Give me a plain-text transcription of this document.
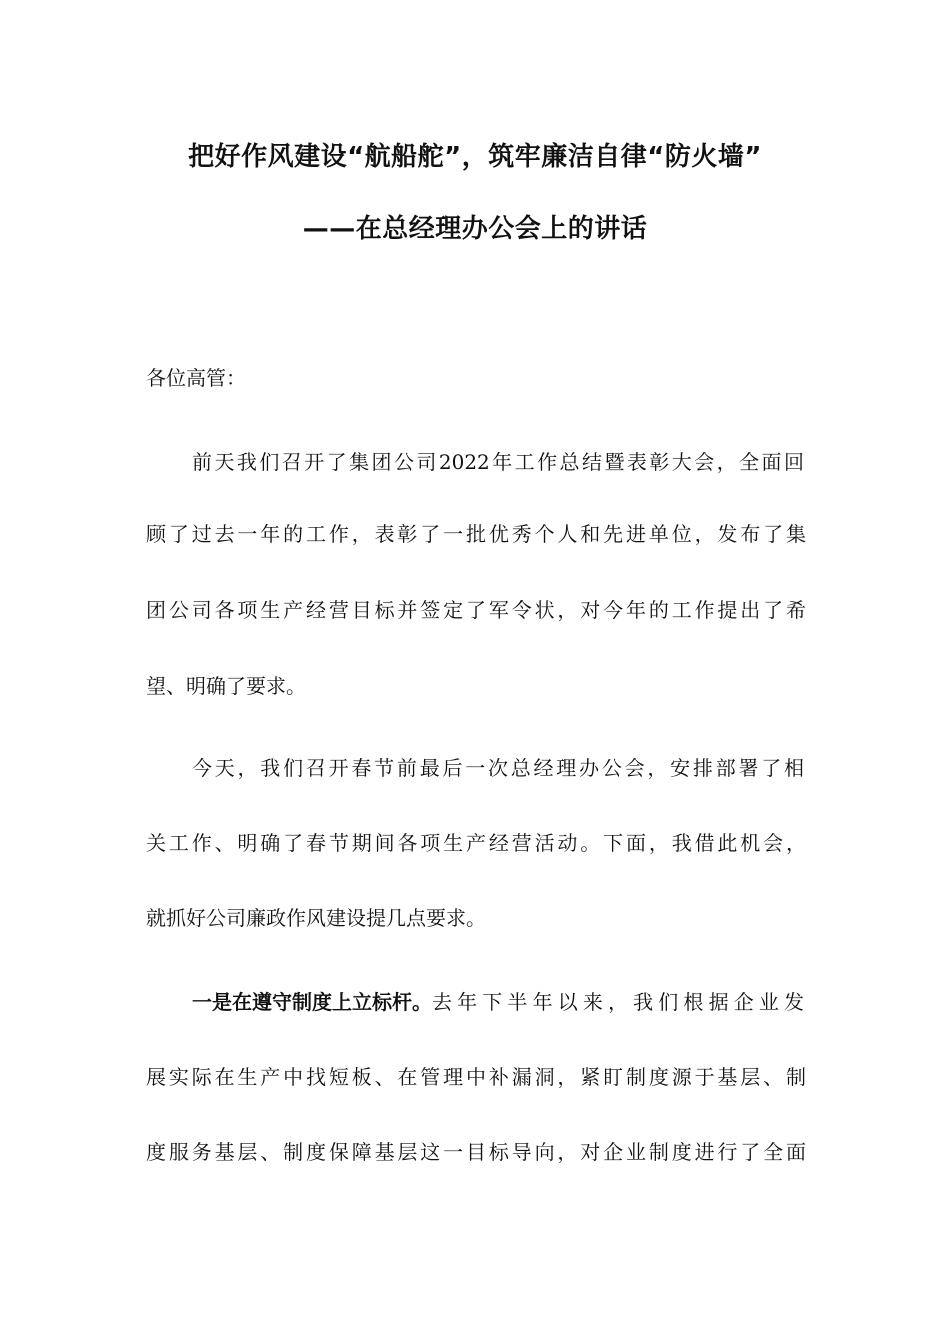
把好作风建设“航船舵”，筑牢廉洁自律“防火墙”
——在总经理办公会上的讲话
各位高管：
前天我们召开了集团公司2022年工作总结暨表彰大会，全面回
顾了过去一年的工作，表彰了一批优秀个人和先进单位，发布了集
团公司各项生产经营目标并签定了军令状，对今年的工作提出了希
望、明确了要求。
今天，我们召开春节前最后一次总经理办公会，安排部署了相
关工作、明确了春节期间各项生产经营活动。下面，我借此机会，
就抓好公司廉政作风建设提几点要求。
一是在遵守制度上立标杆。 去年下半年以来，我们根据企业发
展实际在生产中找短板、在管理中补漏洞，紧盯制度源于基层、制
度服务基层、制度保障基层这一目标导向，对企业制度进行了全面
